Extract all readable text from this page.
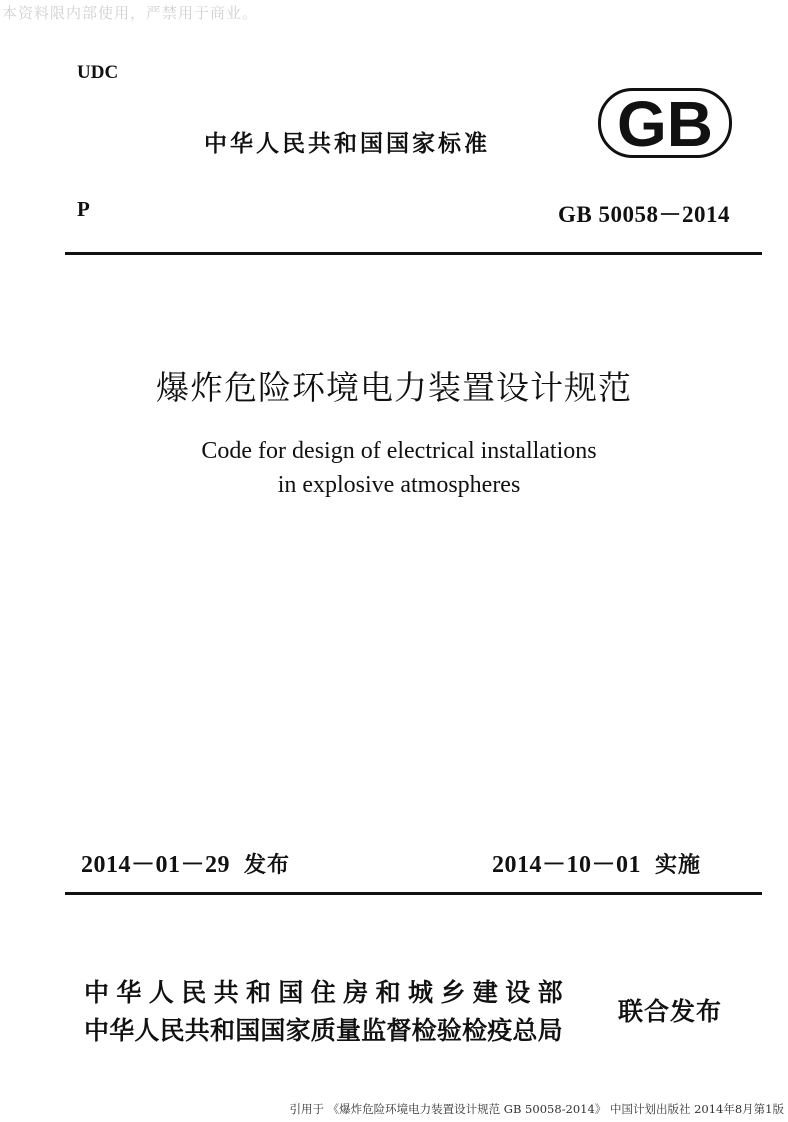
本资料限内部使用，严禁用于商业。
UDC
中华人民共和国国家标准 GB
P	GB 50058－2014
爆炸危险环境电力装置设计规范
Code for design of electrical installations
in explosive atmospheres
2014－01－29 发布	2014－10－01 实施
中华人民共和国住房和城乡建设部
中华人民共和国国家质量监督检验检疫总局
联合发布
引用于 《爆炸危险环境电力装置设计规范 GB 50058-2014》 中国计划出版社 2014年8月第1版
